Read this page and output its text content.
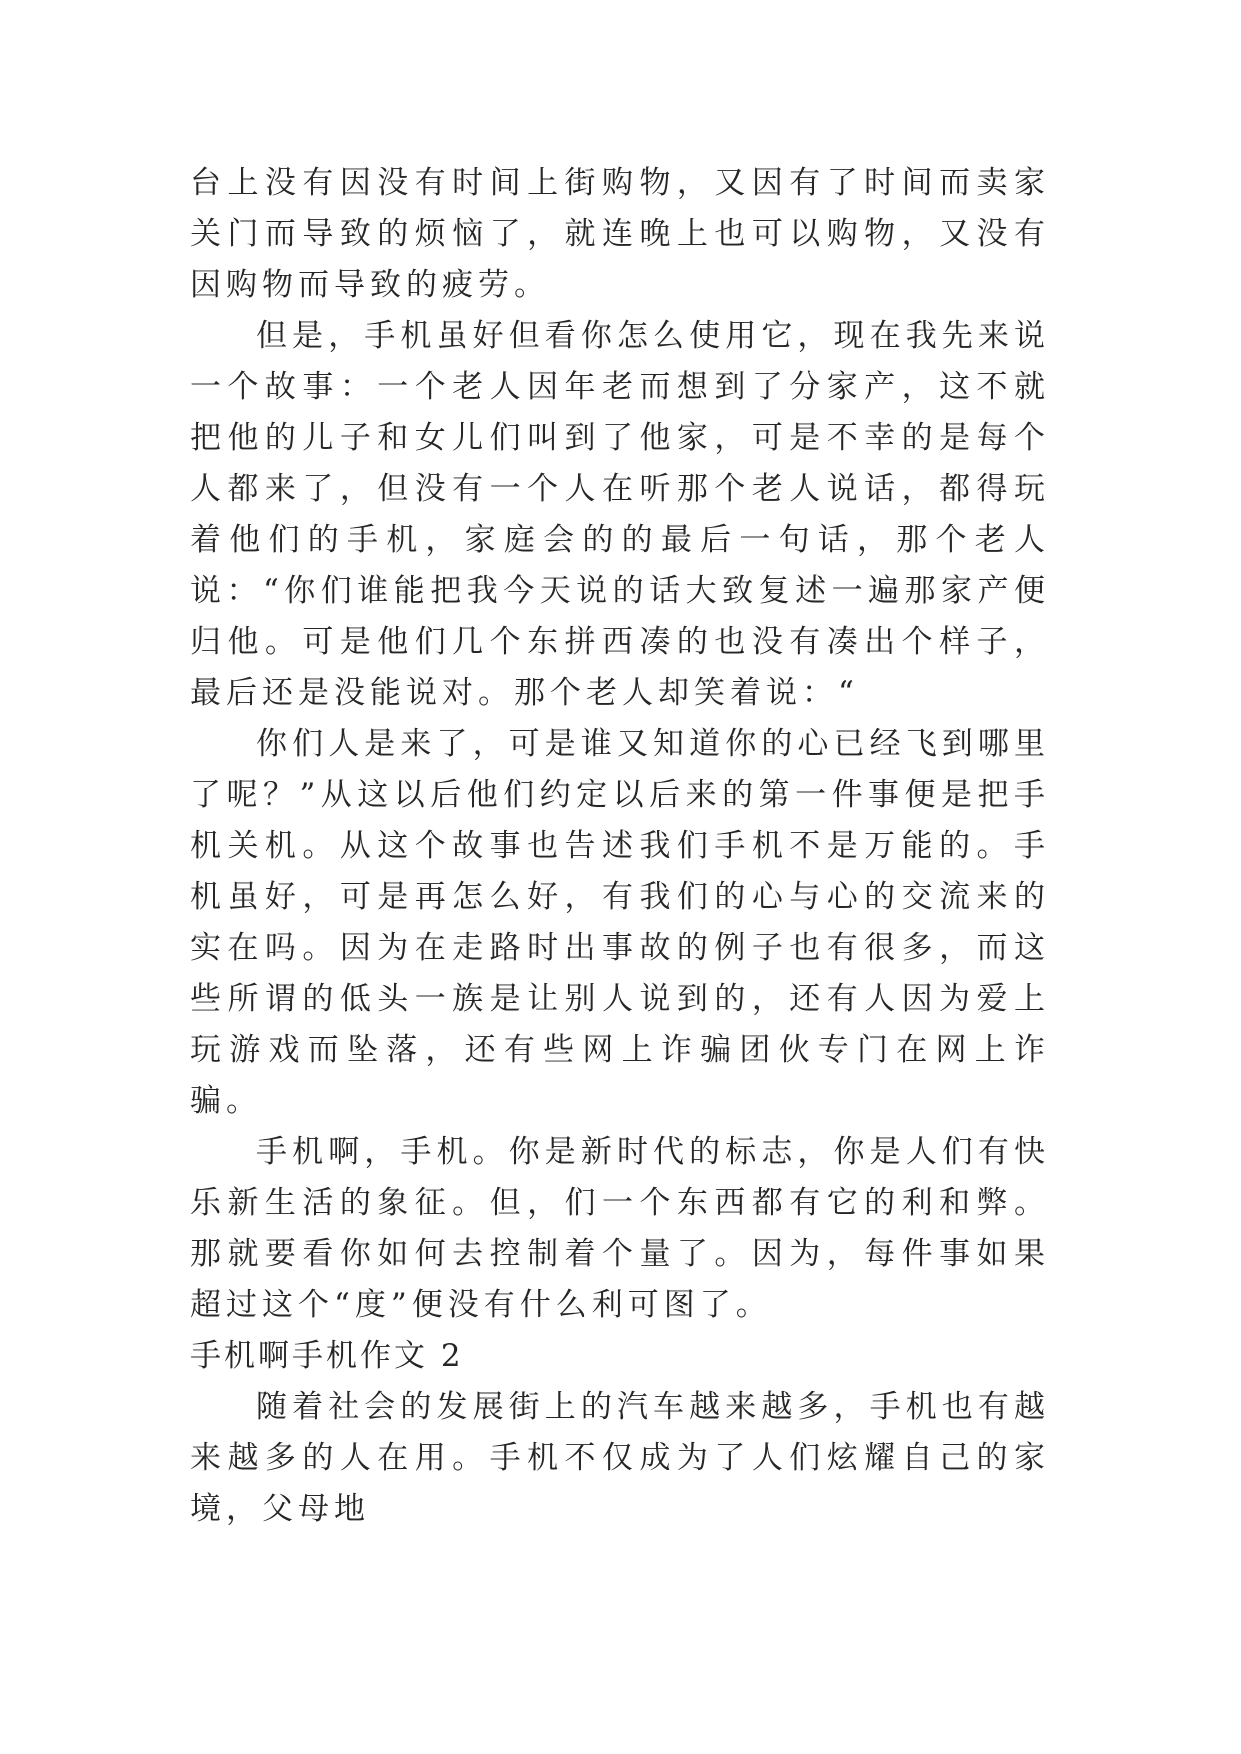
台上没有因没有时间上街购物，又因有了时间而卖家关门而导致的烦恼了，就连晚上也可以购物，又没有因购物而导致的疲劳。

但是，手机虽好但看你怎么使用它，现在我先来说一个故事：一个老人因年老而想到了分家产，这不就把他的儿子和女儿们叫到了他家，可是不幸的是每个人都来了，但没有一个人在听那个老人说话，都得玩着他们的手机，家庭会的的最后一句话，那个老人说：“你们谁能把我今天说的话大致复述一遍那家产便归他。可是他们几个东拼西凑的也没有凑出个样子，最后还是没能说对。那个老人却笑着说：“

你们人是来了，可是谁又知道你的心已经飞到哪里了呢？”从这以后他们约定以后来的第一件事便是把手机关机。从这个故事也告述我们手机不是万能的。手机虽好，可是再怎么好，有我们的心与心的交流来的实在吗。因为在走路时出事故的例子也有很多，而这些所谓的低头一族是让别人说到的，还有人因为爱上玩游戏而坠落，还有些网上诈骗团伙专门在网上诈骗。

手机啊，手机。你是新时代的标志，你是人们有快乐新生活的象征。但，们一个东西都有它的利和弊。那就要看你如何去控制着个量了。因为，每件事如果超过这个“度”便没有什么利可图了。

手机啊手机作文 2

随着社会的发展街上的汽车越来越多，手机也有越来越多的人在用。手机不仅成为了人们炫耀自己的家境，父母地
